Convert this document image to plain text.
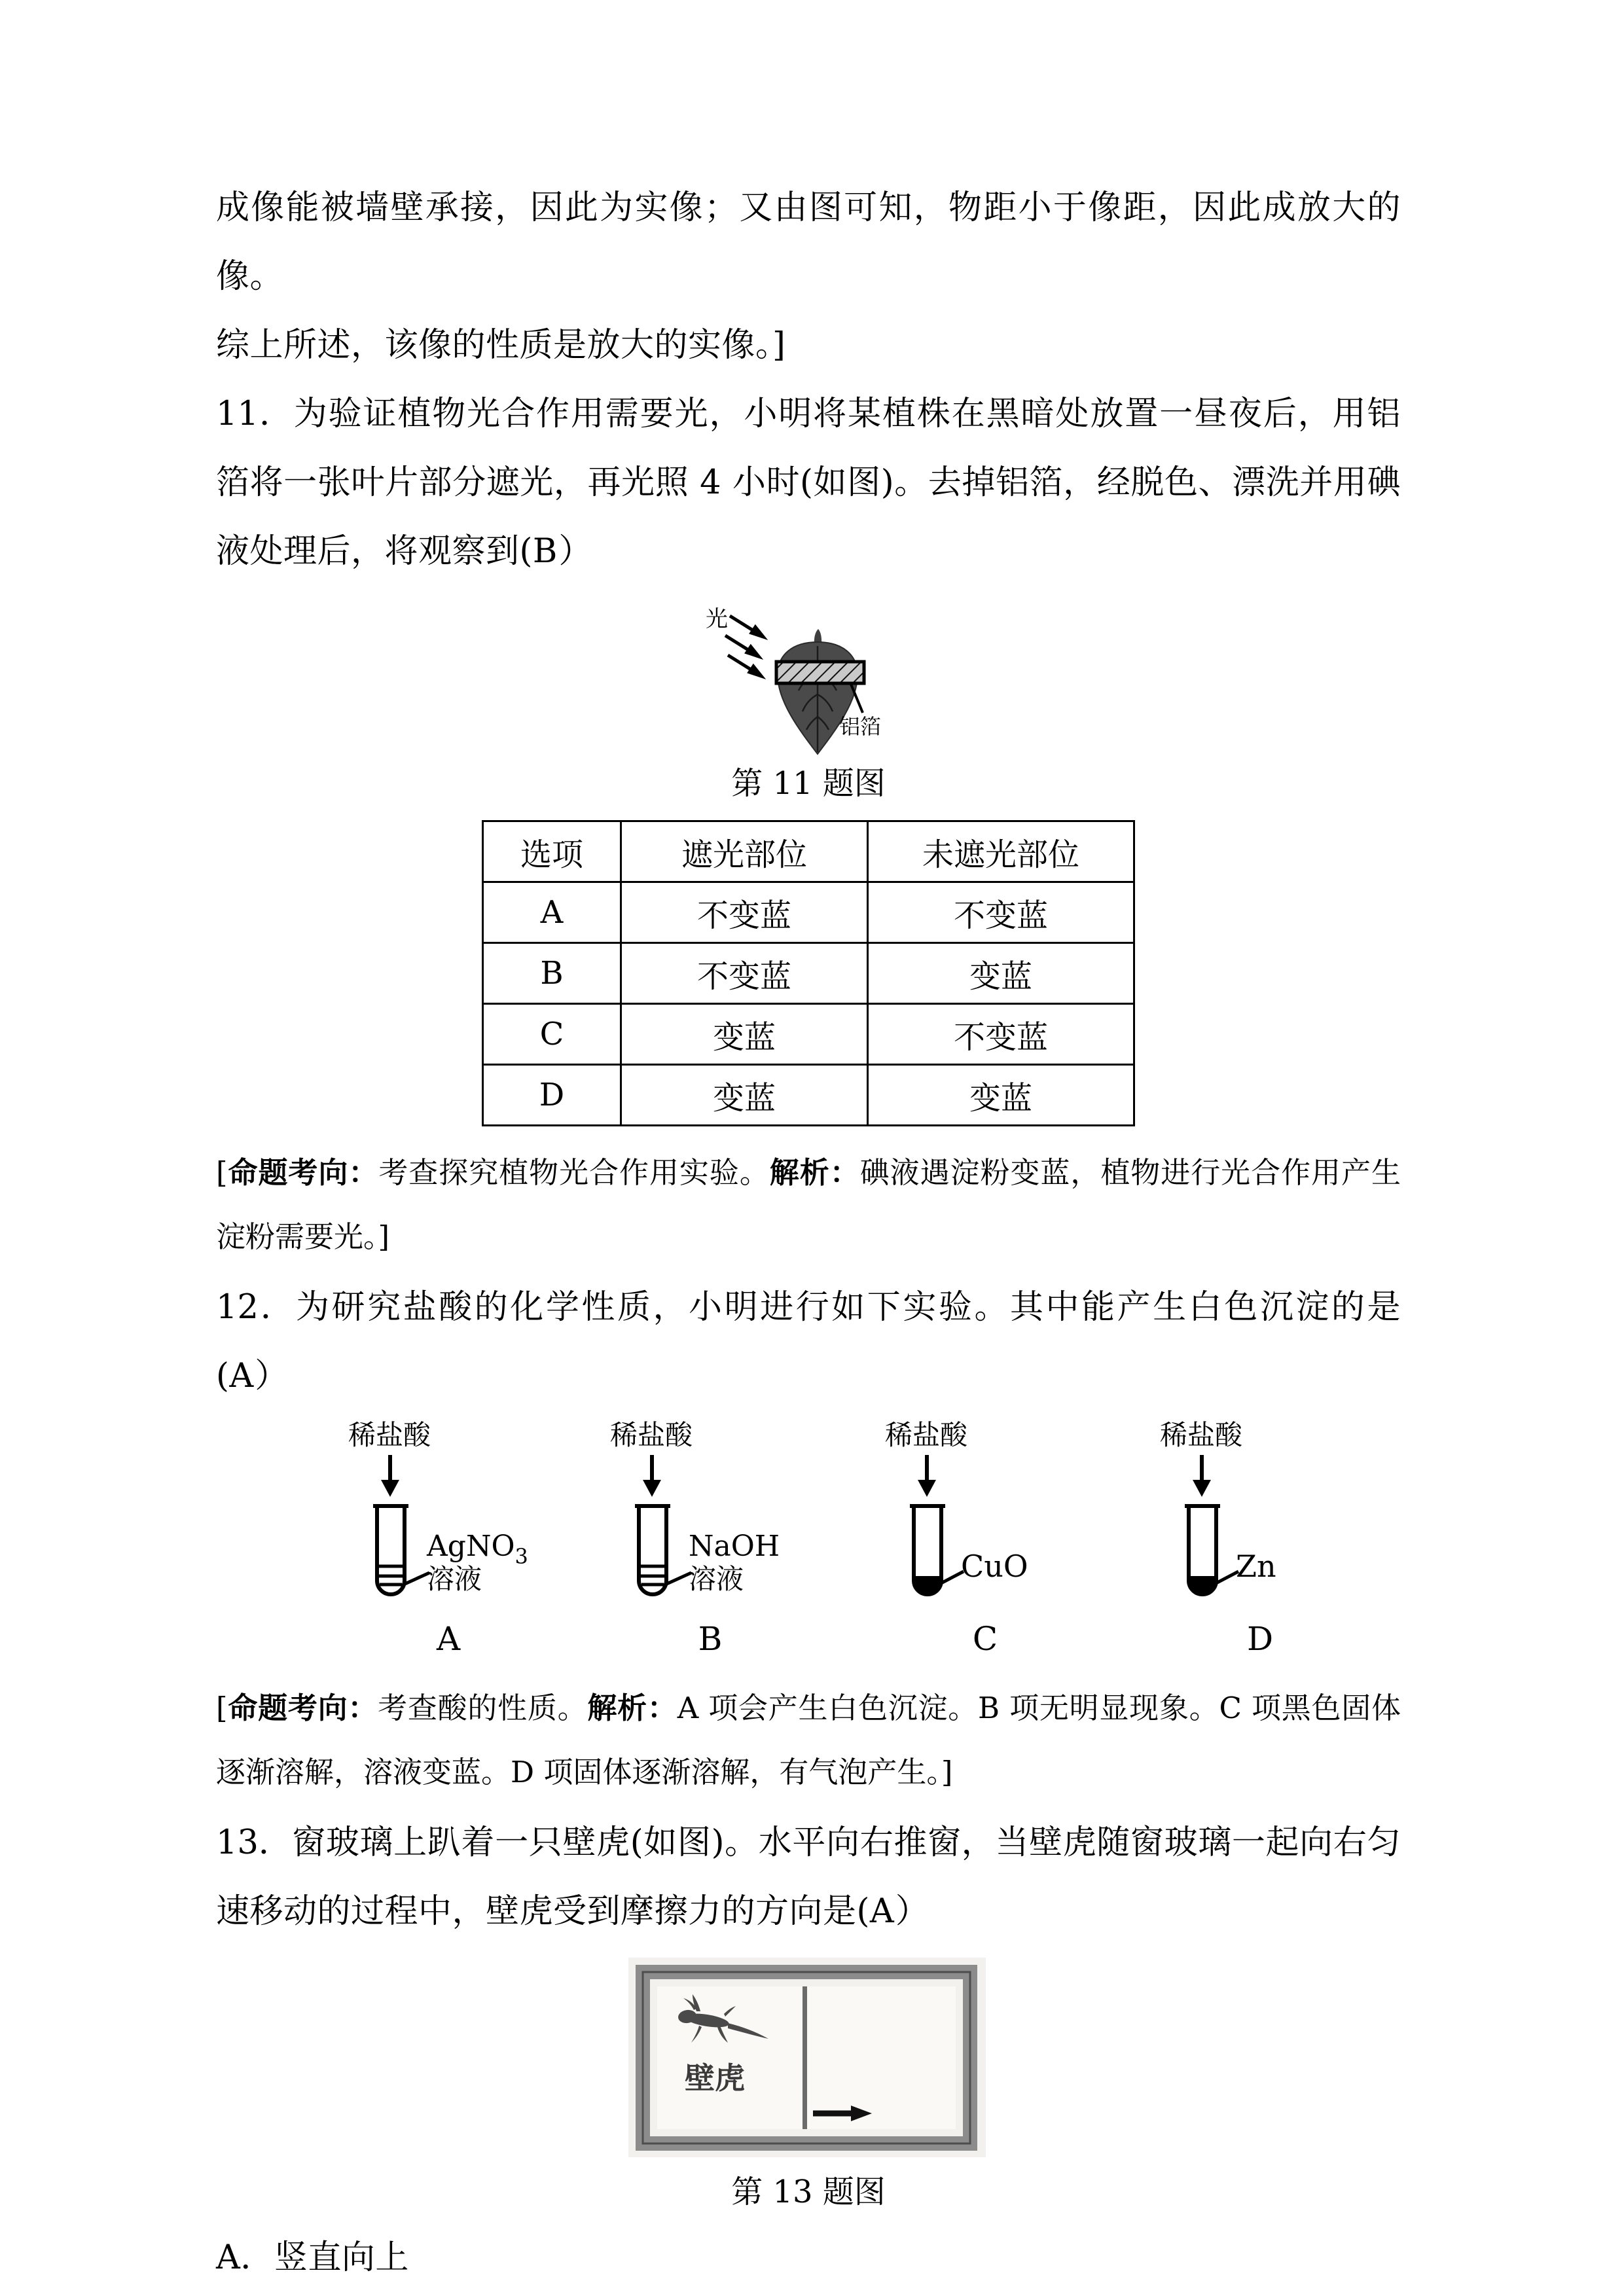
成像能被墙壁承接，因此为实像；又由图可知，物距小于像距，因此成放大的像。

综上所述，该像的性质是放大的实像。]

11．为验证植物光合作用需要光，小明将某植株在黑暗处放置一昼夜后，用铝箔将一张叶片部分遮光，再光照 4 小时(如图)。去掉铝箔，经脱色、漂洗并用碘液处理后，将观察到(B）

光
铝箔

第 11 题图

选项	遮光部位	未遮光部位
A	不变蓝	不变蓝
B	不变蓝	变蓝
C	变蓝	不变蓝
D	变蓝	变蓝

[命题考向：考查探究植物光合作用实验。解析：碘液遇淀粉变蓝，植物进行光合作用产生淀粉需要光。]

12．为研究盐酸的化学性质，小明进行如下实验。其中能产生白色沉淀的是(A）

稀盐酸
AgNO$_3$
溶液
稀盐酸
NaOH
溶液
稀盐酸
CuO
稀盐酸
Zn
A	B	C	D

[命题考向：考查酸的性质。解析：A 项会产生白色沉淀。B 项无明显现象。C 项黑色固体逐渐溶解，溶液变蓝。D 项固体逐渐溶解，有气泡产生。]

13．窗玻璃上趴着一只壁虎(如图)。水平向右推窗，当壁虎随窗玻璃一起向右匀速移动的过程中，壁虎受到摩擦力的方向是(A）

壁虎

第 13 题图

A．竖直向上
